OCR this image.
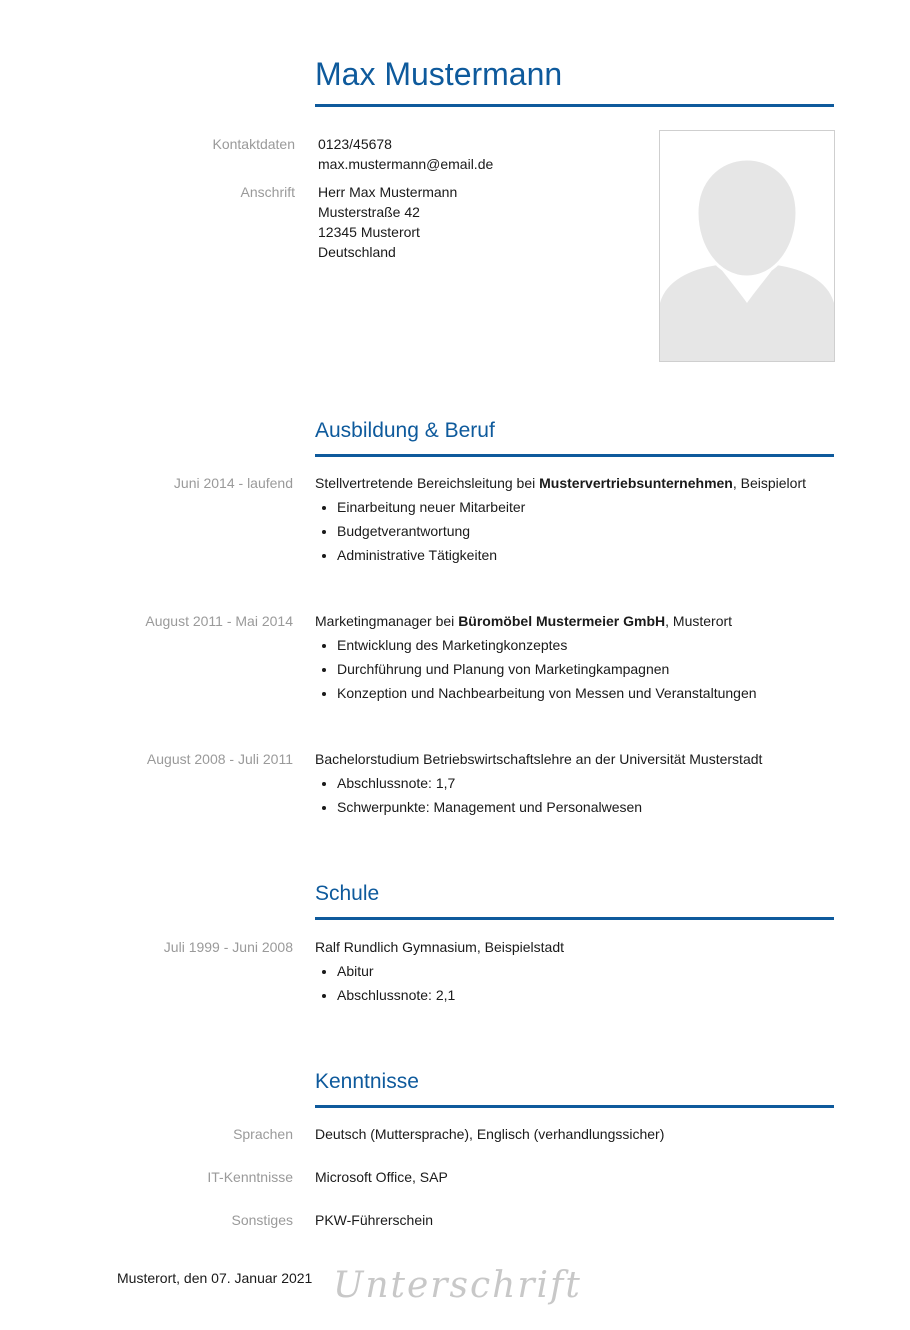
Max Mustermann
Kontaktdaten 0123/45678
max.mustermann@email.de
Anschrift Herr Max Mustermann
Musterstraße 42
12345 Musterort
Deutschland
Ausbildung & Beruf
Juni 2014 - laufend Stellvertretende Bereichsleitung bei Mustervertriebsunternehmen, Beispielort
• Einarbeitung neuer Mitarbeiter
• Budgetverantwortung
• Administrative Tätigkeiten
August 2011 - Mai 2014 Marketingmanager bei Büromöbel Mustermeier GmbH, Musterort
• Entwicklung des Marketingkonzeptes
• Durchführung und Planung von Marketingkampagnen
• Konzeption und Nachbearbeitung von Messen und Veranstaltungen
August 2008 - Juli 2011 Bachelorstudium Betriebswirtschaftslehre an der Universität Musterstadt
• Abschlussnote: 1,7
• Schwerpunkte: Management und Personalwesen
Schule
Juli 1999 - Juni 2008 Ralf Rundlich Gymnasium, Beispielstadt
• Abitur
• Abschlussnote: 2,1
Kenntnisse
Sprachen Deutsch (Muttersprache), Englisch (verhandlungssicher)
IT-Kenntnisse Microsoft Office, SAP
Sonstiges PKW-Führerschein
Musterort, den 07. Januar 2021 Unterschrift
